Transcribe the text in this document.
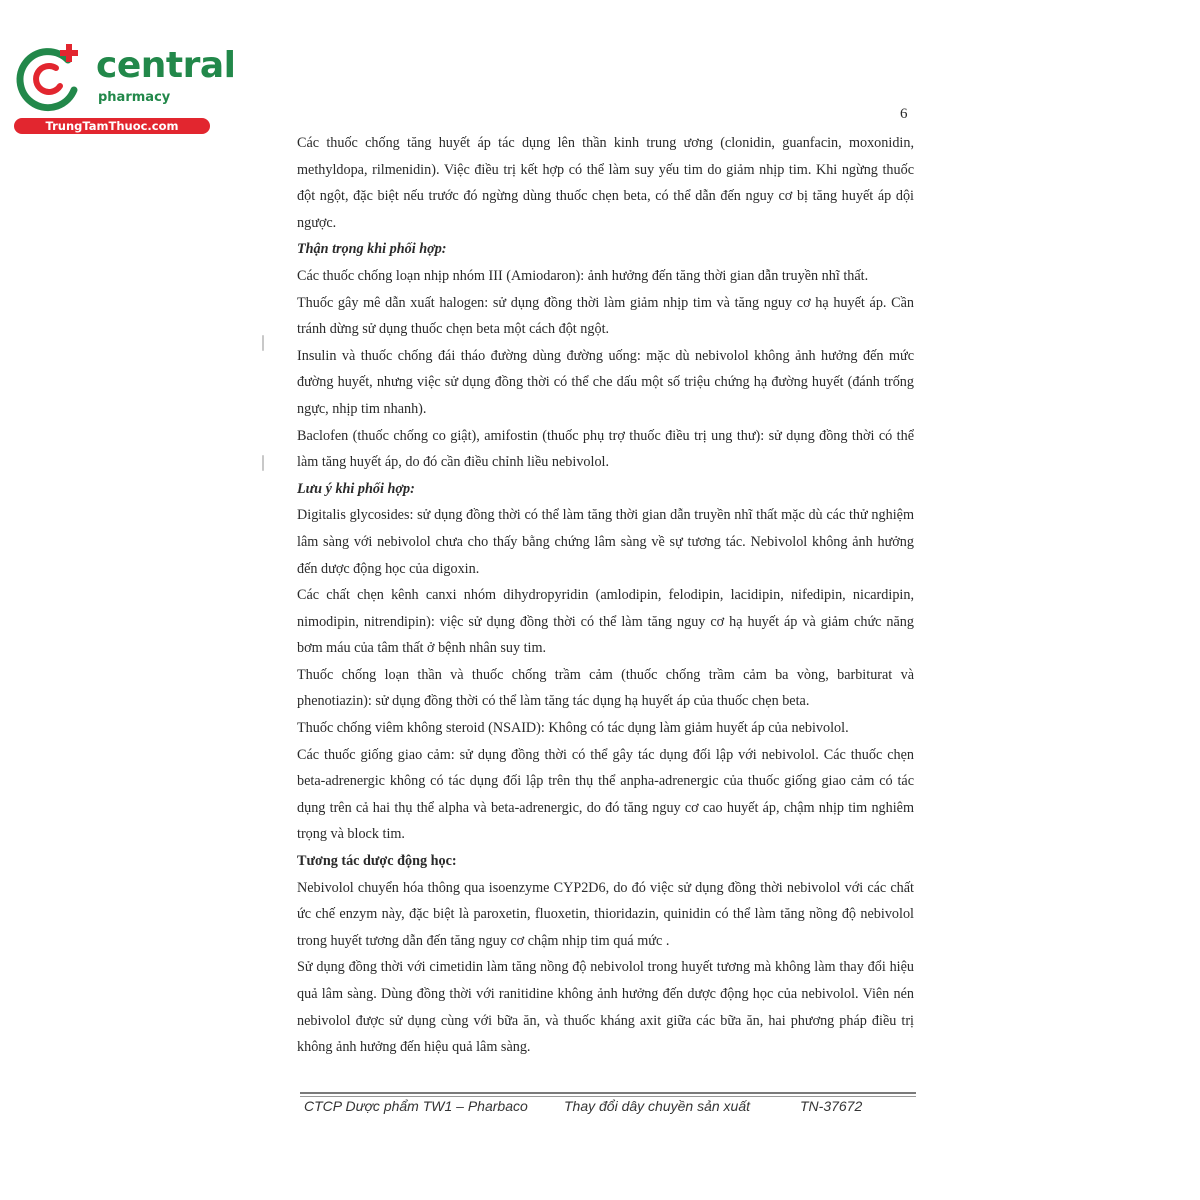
central
pharmacy
TrungTamThuoc.com
6

Các thuốc chống tăng huyết áp tác dụng lên thần kinh trung ương (clonidin, guanfacin, moxonidin, methyldopa, rilmenidin). Việc điều trị kết hợp có thể làm suy yếu tim do giảm nhịp tim. Khi ngừng thuốc đột ngột, đặc biệt nếu trước đó ngừng dùng thuốc chẹn beta, có thể dẫn đến nguy cơ bị tăng huyết áp dội ngược.

Thận trọng khi phối hợp:

Các thuốc chống loạn nhịp nhóm III (Amiodaron): ảnh hưởng đến tăng thời gian dẫn truyền nhĩ thất.

Thuốc gây mê dẫn xuất halogen: sử dụng đồng thời làm giảm nhịp tim và tăng nguy cơ hạ huyết áp. Cần tránh dừng sử dụng thuốc chẹn beta một cách đột ngột.

Insulin và thuốc chống đái tháo đường dùng đường uống: mặc dù nebivolol không ảnh hưởng đến mức đường huyết, nhưng việc sử dụng đồng thời có thể che dấu một số triệu chứng hạ đường huyết (đánh trống ngực, nhịp tim nhanh).

Baclofen (thuốc chống co giật), amifostin (thuốc phụ trợ thuốc điều trị ung thư): sử dụng đồng thời có thể làm tăng huyết áp, do đó cần điều chỉnh liều nebivolol.

Lưu ý khi phối hợp:

Digitalis glycosides: sử dụng đồng thời có thể làm tăng thời gian dẫn truyền nhĩ thất mặc dù các thử nghiệm lâm sàng với nebivolol chưa cho thấy bằng chứng lâm sàng về sự tương tác. Nebivolol không ảnh hưởng đến dược động học của digoxin.

Các chất chẹn kênh canxi nhóm dihydropyridin (amlodipin, felodipin, lacidipin, nifedipin, nicardipin, nimodipin, nitrendipin): việc sử dụng đồng thời có thể làm tăng nguy cơ hạ huyết áp và giảm chức năng bơm máu của tâm thất ở bệnh nhân suy tim.

Thuốc chống loạn thần và thuốc chống trầm cảm (thuốc chống trầm cảm ba vòng, barbiturat và phenotiazin): sử dụng đồng thời có thể làm tăng tác dụng hạ huyết áp của thuốc chẹn beta.

Thuốc chống viêm không steroid (NSAID): Không có tác dụng làm giảm huyết áp của nebivolol.

Các thuốc giống giao cảm: sử dụng đồng thời có thể gây tác dụng đối lập với nebivolol. Các thuốc chẹn beta-adrenergic không có tác dụng đối lập trên thụ thể anpha-adrenergic của thuốc giống giao cảm có tác dụng trên cả hai thụ thể alpha và beta-adrenergic, do đó tăng nguy cơ cao huyết áp, chậm nhịp tim nghiêm trọng và block tim.

Tương tác dược động học:

Nebivolol chuyển hóa thông qua isoenzyme CYP2D6, do đó việc sử dụng đồng thời nebivolol với các chất ức chế enzym này, đặc biệt là paroxetin, fluoxetin, thioridazin, quinidin có thể làm tăng nồng độ nebivolol trong huyết tương dẫn đến tăng nguy cơ chậm nhịp tim quá mức .

Sử dụng đồng thời với cimetidin làm tăng nồng độ nebivolol trong huyết tương mà không làm thay đổi hiệu quả lâm sàng. Dùng đồng thời với ranitidine không ảnh hưởng đến dược động học của nebivolol. Viên nén nebivolol được sử dụng cùng với bữa ăn, và thuốc kháng axit giữa các bữa ăn, hai phương pháp điều trị không ảnh hưởng đến hiệu quả lâm sàng.

CTCP Dược phẩm TW1 – Pharbaco	Thay đổi dây chuyền sản xuất	TN-37672
